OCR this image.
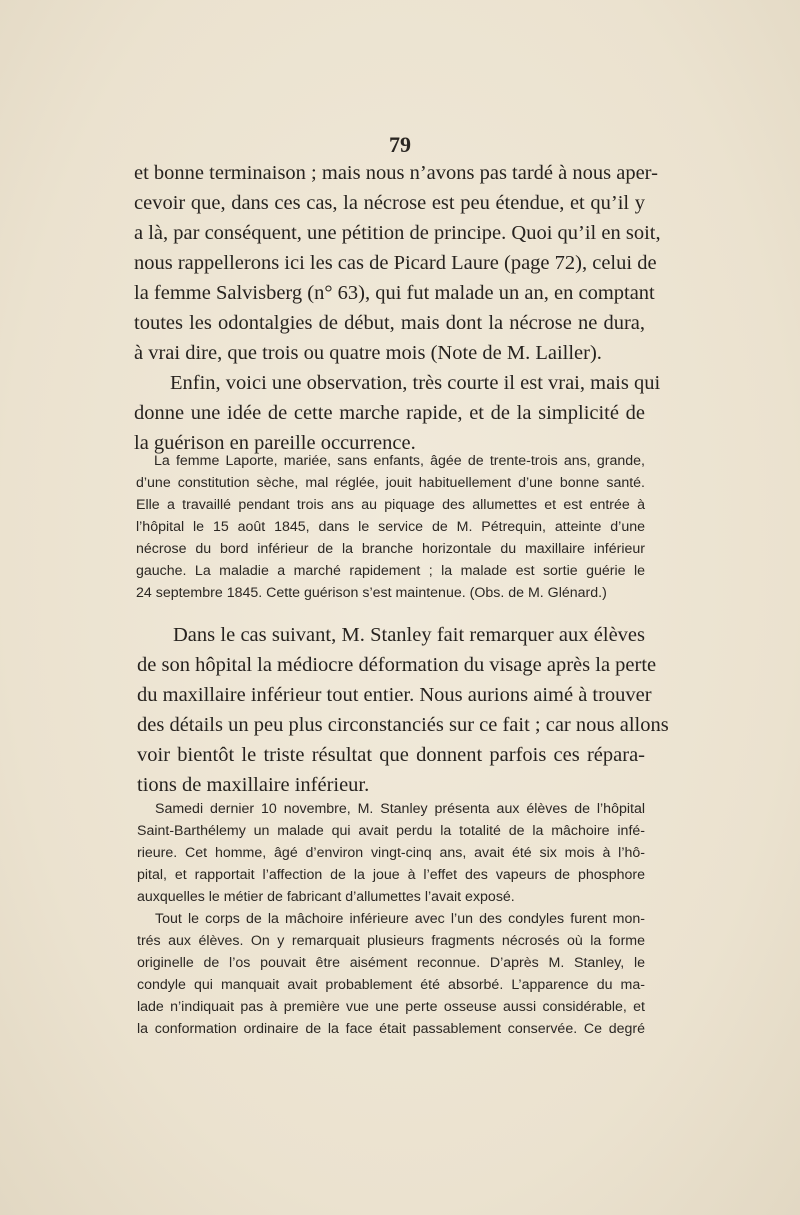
79
et bonne terminaison ; mais nous n’avons pas tardé à nous aper-
cevoir que, dans ces cas, la nécrose est peu étendue, et qu’il y
a là, par conséquent, une pétition de principe. Quoi qu’il en soit,
nous rappellerons ici les cas de Picard Laure (page 72), celui de
la femme Salvisberg (n° 63), qui fut malade un an, en comptant
toutes les odontalgies de début, mais dont la nécrose ne dura,
à vrai dire, que trois ou quatre mois (Note de M. Lailler).
Enfin, voici une observation, très courte il est vrai, mais qui
donne une idée de cette marche rapide, et de la simplicité de
la guérison en pareille occurrence.
La femme Laporte, mariée, sans enfants, âgée de trente-trois ans, grande,
d’une constitution sèche, mal réglée, jouit habituellement d’une bonne santé.
Elle a travaillé pendant trois ans au piquage des allumettes et est entrée à
l’hôpital le 15 août 1845, dans le service de M. Pétrequin, atteinte d’une
nécrose du bord inférieur de la branche horizontale du maxillaire inférieur
gauche. La maladie a marché rapidement ; la malade est sortie guérie le
24 septembre 1845. Cette guérison s’est maintenue. (Obs. de M. Glénard.)
Dans le cas suivant, M. Stanley fait remarquer aux élèves
de son hôpital la médiocre déformation du visage après la perte
du maxillaire inférieur tout entier. Nous aurions aimé à trouver
des détails un peu plus circonstanciés sur ce fait ; car nous allons
voir bientôt le triste résultat que donnent parfois ces répara-
tions de maxillaire inférieur.
Samedi dernier 10 novembre, M. Stanley présenta aux élèves de l’hôpital
Saint-Barthélemy un malade qui avait perdu la totalité de la mâchoire infé-
rieure. Cet homme, âgé d’environ vingt-cinq ans, avait été six mois à l’hô-
pital, et rapportait l’affection de la joue à l’effet des vapeurs de phosphore
auxquelles le métier de fabricant d’allumettes l’avait exposé.
Tout le corps de la mâchoire inférieure avec l’un des condyles furent mon-
trés aux élèves. On y remarquait plusieurs fragments nécrosés où la forme
originelle de l’os pouvait être aisément reconnue. D’après M. Stanley, le
condyle qui manquait avait probablement été absorbé. L’apparence du ma-
lade n’indiquait pas à première vue une perte osseuse aussi considérable, et
la conformation ordinaire de la face était passablement conservée. Ce degré
